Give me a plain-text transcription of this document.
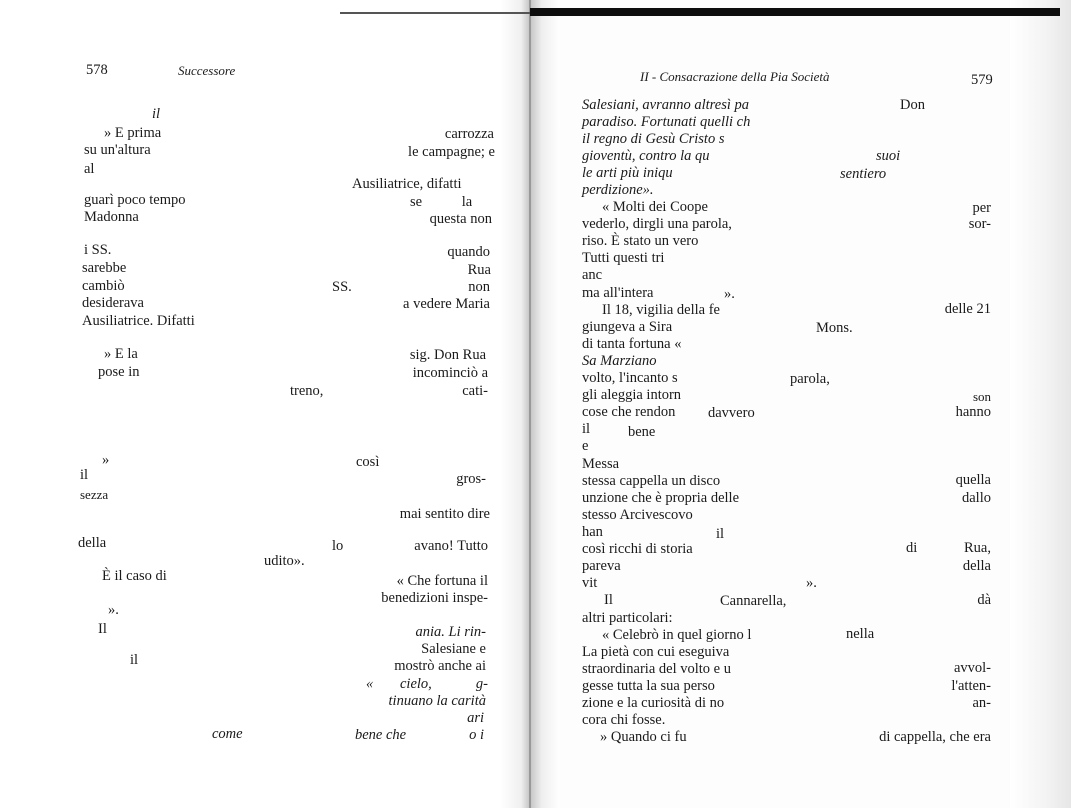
578	Successore
il
» E prima
su un'altura
al
guarì poco tempo
Madonna
i SS.
sarebbe
cambiò
desiderava
Ausiliatrice. Difatti
» E la
pose in
»
il
sezza
della
È il caso di
».
Il
il
carrozza
le campagne; e
Ausiliatrice, difatti
se la
questa non
quando
Rua
SS.	non
a vedere Maria
sig. Don Rua
incominciò a
treno,	cati-
così
gros-
mai sentito dire
lo	avano! Tutto
udito».
« Che fortuna il
benedizioni inspe-
ania. Li rin-
Salesiane e
mostrò anche ai
« cielo,	g-
tinuano la carità
ari
come	bene che	o i
II - Consacrazione della Pia Società	579
Salesiani, avranno altresì pa
paradiso. Fortunati quelli ch
il regno di Gesù Cristo s
gioventù, contro la qu
le arti più iniqu
perdizione».
« Molti dei Coope
vederlo, dirgli una parola,
riso. È stato un vero
Tutti questi tri
anc
ma all'intera
Il 18, vigilia della fe
giungeva a Sira
di tanta fortuna «
Sa Marziano
volto, l'incanto s
gli aleggia intorn
cose che rendon davvero
il	bene
e
Messa
stessa cappella un disco
unzione che è propria delle
stesso Arcivescovo
han	il
così ricchi di storia
pareva
vit
Il	Cannarella,
altri particolari:
« Celebrò in quel giorno l
La pietà con cui eseguiva
straordinaria del volto e u
gesse tutta la sua perso
zione e la curiosità di no
cora chi fosse.
» Quando ci fu
Don
suoi
sentiero
per
sor-
».
delle 21
Mons.
parola,
son
hanno
quella
dallo
di	Rua,
della
».
dà
nella
avvol-
l'atten-
an-
di cappella, che era
